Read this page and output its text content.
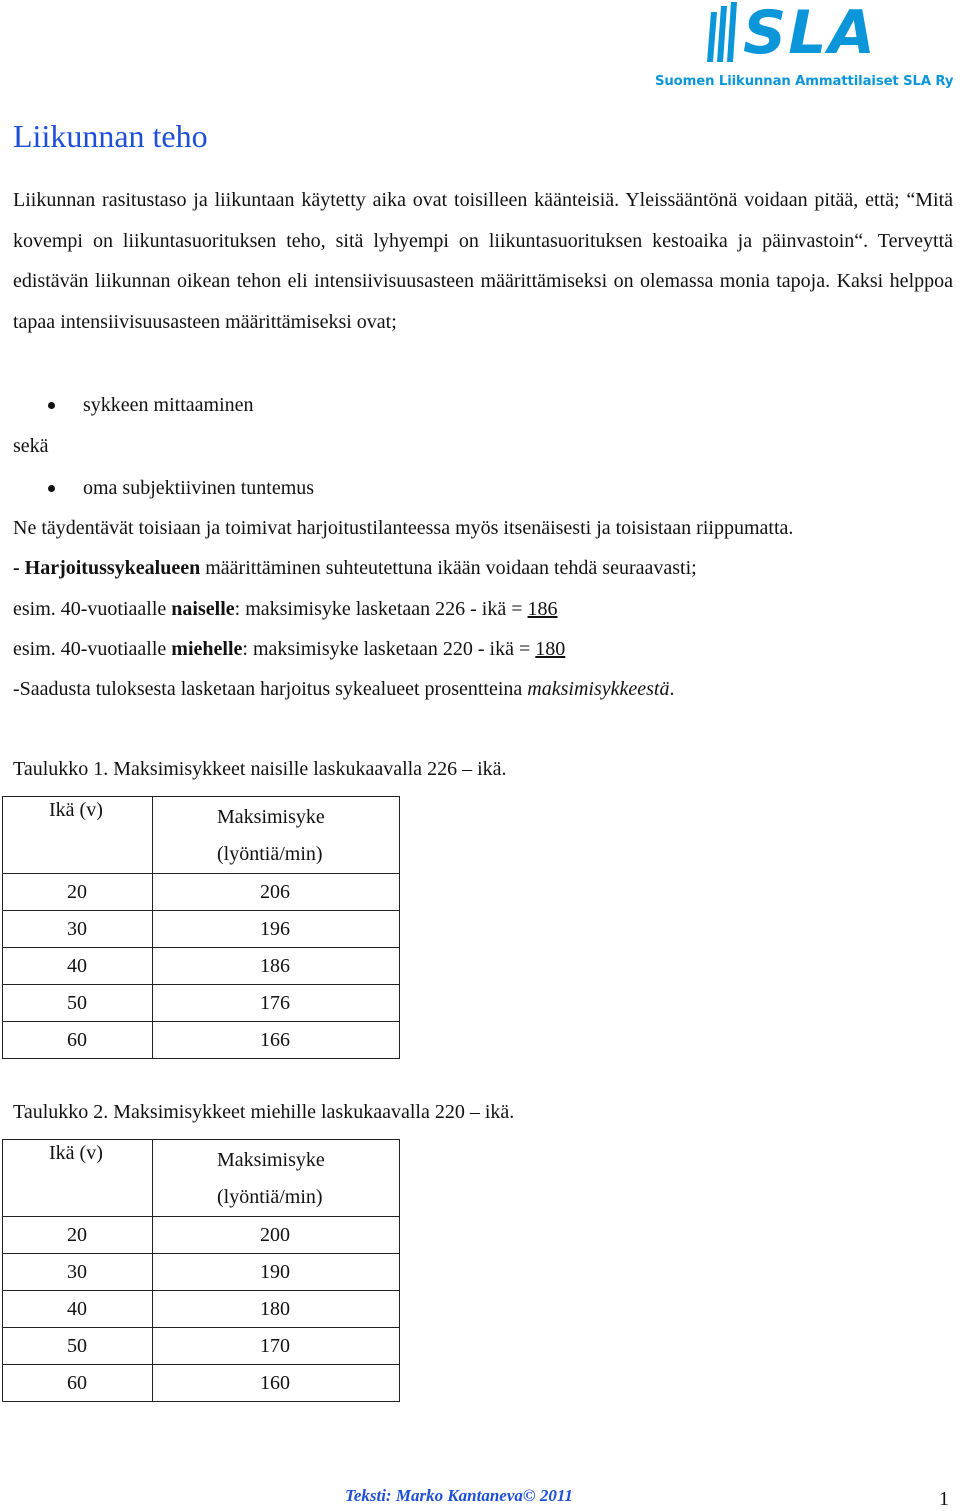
SLA
Suomen Liikunnan Ammattilaiset SLA Ry
Liikunnan teho

Liikunnan rasitustaso ja liikuntaan käytetty aika ovat toisilleen käänteisiä. Yleissääntönä voidaan pitää, että; “Mitä kovempi on liikuntasuorituksen teho, sitä lyhyempi on liikuntasuorituksen kestoaika ja päinvastoin“. Terveyttä edistävän liikunnan oikean tehon eli intensiivisuusasteen määrittämiseksi on olemassa monia tapoja. Kaksi helppoa tapaa intensiivisuusasteen määrittämiseksi ovat;

sykkeen mittaaminen
sekä
oma subjektiivinen tuntemus
Ne täydentävät toisiaan ja toimivat harjoitustilanteessa myös itsenäisesti ja toisistaan riippumatta.
- Harjoitussykealueen määrittäminen suhteutettuna ikään voidaan tehdä seuraavasti;
esim. 40-vuotiaalle naiselle: maksimisyke lasketaan 226 - ikä = 186
esim. 40-vuotiaalle miehelle: maksimisyke lasketaan 220 - ikä = 180
-Saadusta tuloksesta lasketaan harjoitus sykealueet prosentteina maksimisykkeestä.
Taulukko 1. Maksimisykkeet naisille laskukaavalla 226 – ikä.
Ikä (v)	Maksimisyke
(lyöntiä/min)
20	206
30	196
40	186
50	176
60	166
Taulukko 2. Maksimisykkeet miehille laskukaavalla 220 – ikä.
Ikä (v)	Maksimisyke
(lyöntiä/min)
20	200
30	190
40	180
50	170
60	160
Teksti: Marko Kantaneva© 2011	1
